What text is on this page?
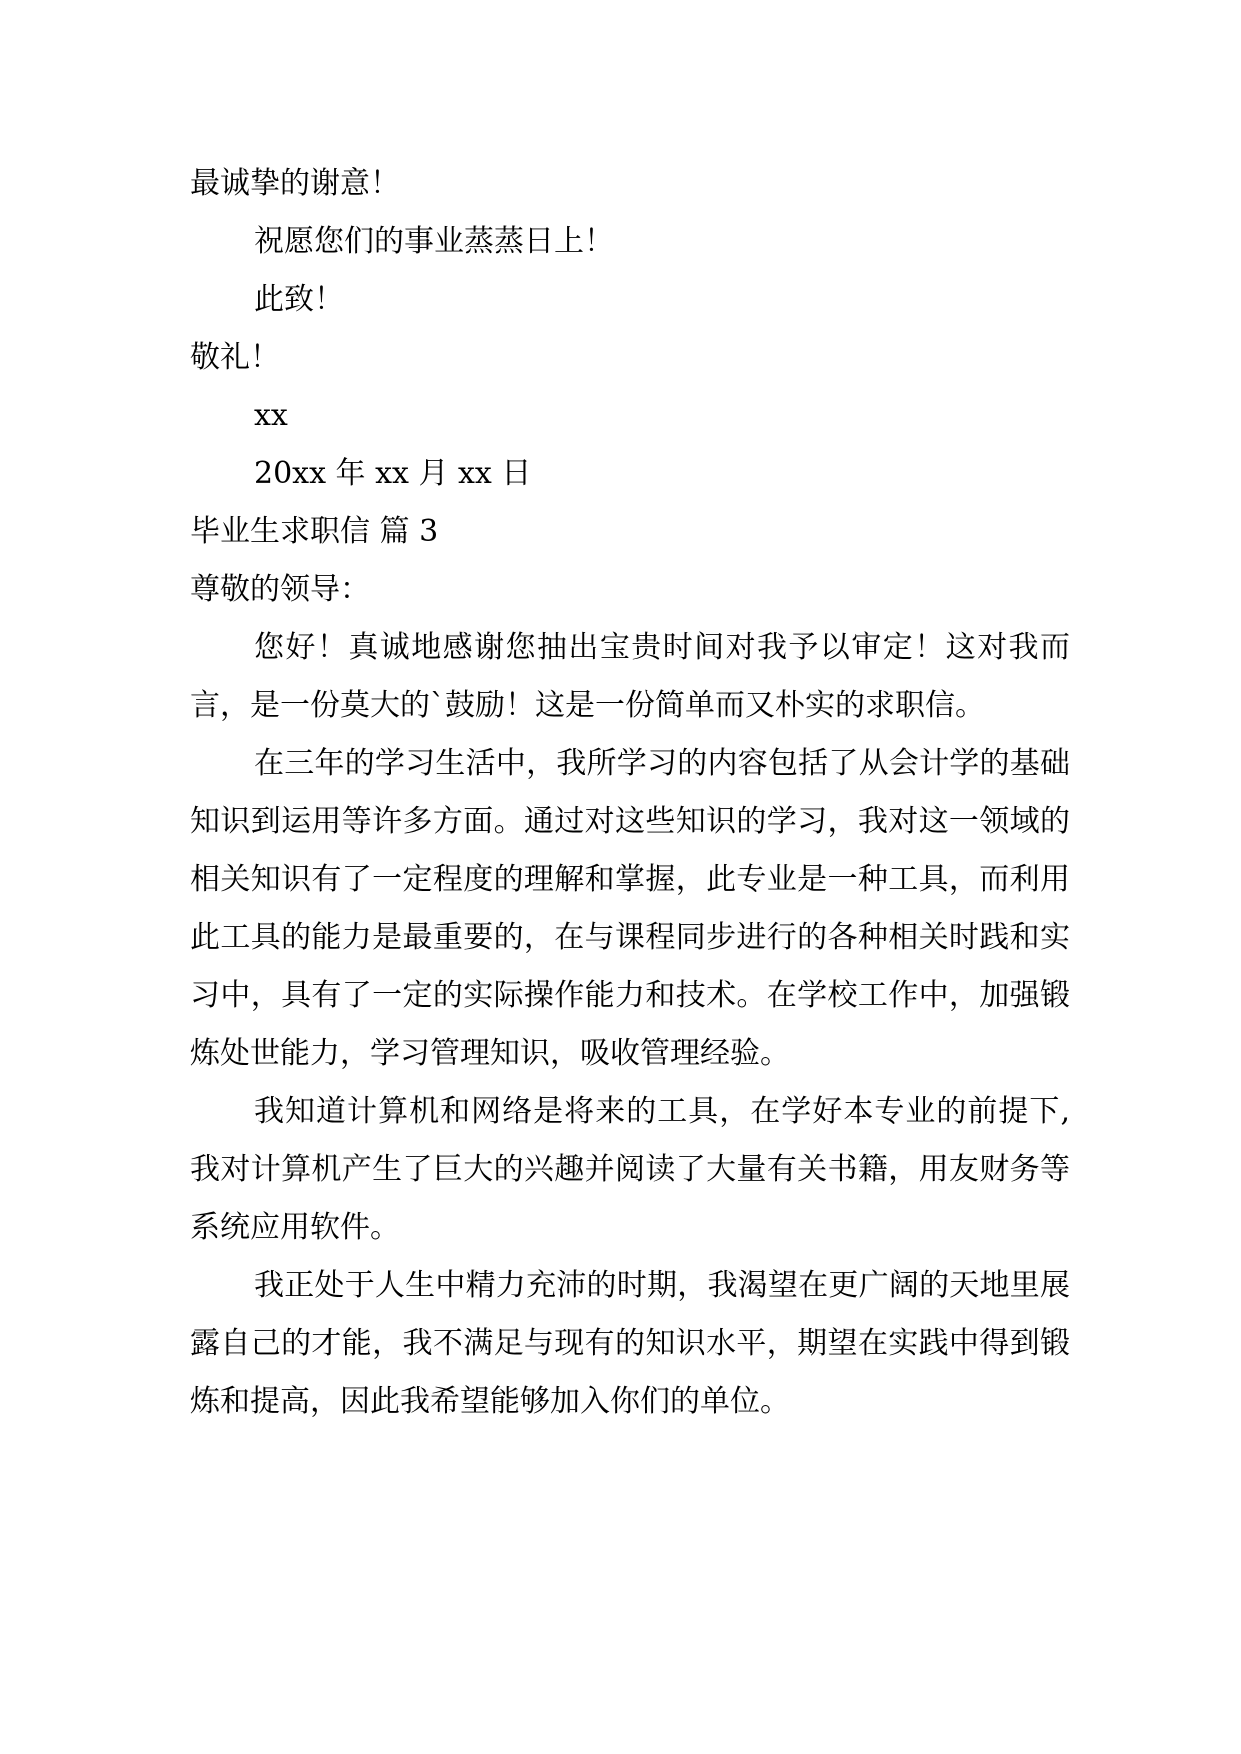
最诚挚的谢意！
祝愿您们的事业蒸蒸日上！
此致！
敬礼！
xx
20xx 年 xx 月 xx 日
毕业生求职信 篇 3
尊敬的领导：

您好！真诚地感谢您抽出宝贵时间对我予以审定！这对我而言，是一份莫大的`鼓励！这是一份简单而又朴实的求职信。

在三年的学习生活中，我所学习的内容包括了从会计学的基础知识到运用等许多方面。通过对这些知识的学习，我对这一领域的相关知识有了一定程度的理解和掌握，此专业是一种工具，而利用此工具的能力是最重要的，在与课程同步进行的各种相关时践和实习中，具有了一定的实际操作能力和技术。在学校工作中，加强锻炼处世能力，学习管理知识，吸收管理经验。

我知道计算机和网络是将来的工具，在学好本专业的前提下,我对计算机产生了巨大的兴趣并阅读了大量有关书籍，用友财务等系统应用软件。

我正处于人生中精力充沛的时期，我渴望在更广阔的天地里展露自己的才能，我不满足与现有的知识水平，期望在实践中得到锻炼和提高，因此我希望能够加入你们的单位。
